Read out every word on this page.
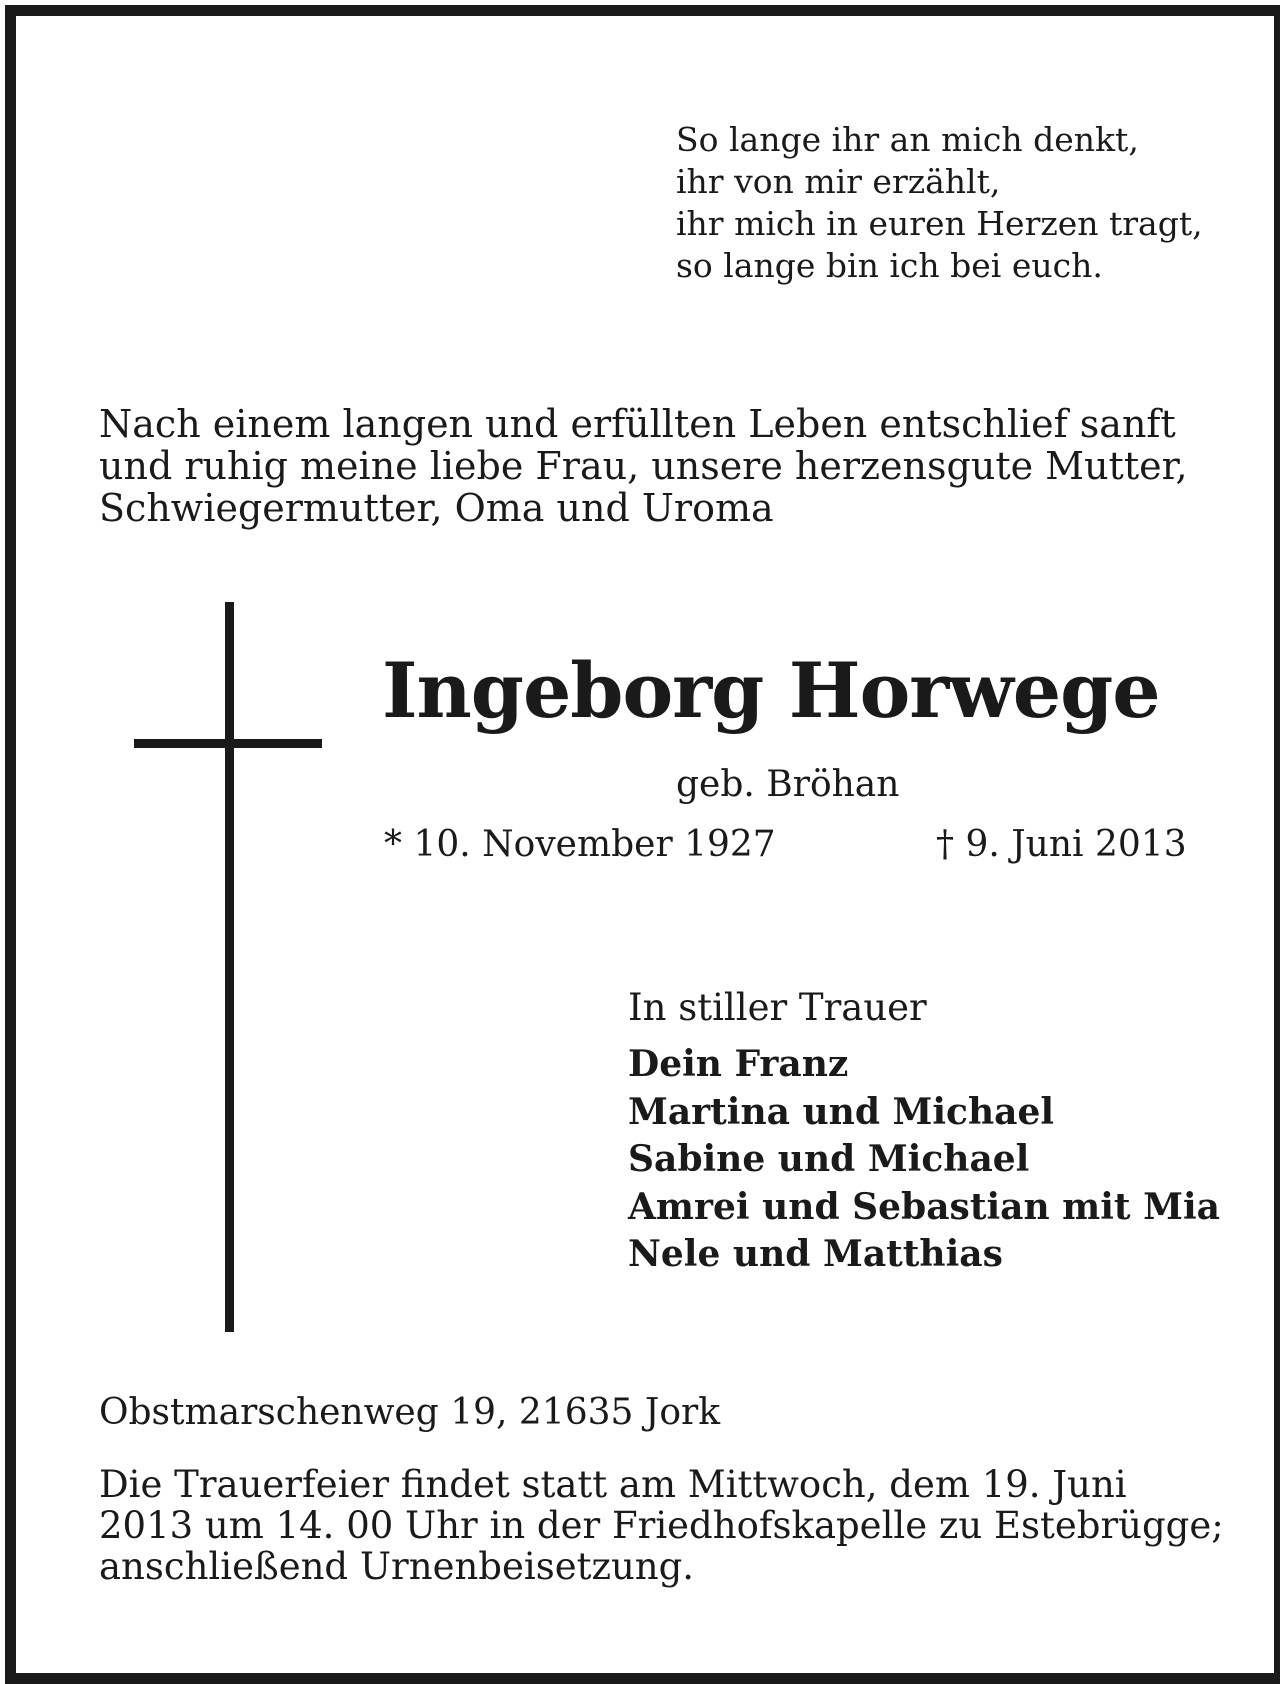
So lange ihr an mich denkt,
ihr von mir erzählt,
ihr mich in euren Herzen tragt,
so lange bin ich bei euch.
Nach einem langen und erfüllten Leben entschlief sanft
und ruhig meine liebe Frau, unsere herzensgute Mutter,
Schwiegermutter, Oma und Uroma
Ingeborg Horwege
geb. Bröhan
* 10. November 1927	† 9. Juni 2013
In stiller Trauer
Dein Franz
Martina und Michael
Sabine und Michael
Amrei und Sebastian mit Mia
Nele und Matthias
Obstmarschenweg 19, 21635 Jork
Die Trauerfeier findet statt am Mittwoch, dem 19. Juni
2013 um 14. 00 Uhr in der Friedhofskapelle zu Estebrügge;
anschließend Urnenbeisetzung.
